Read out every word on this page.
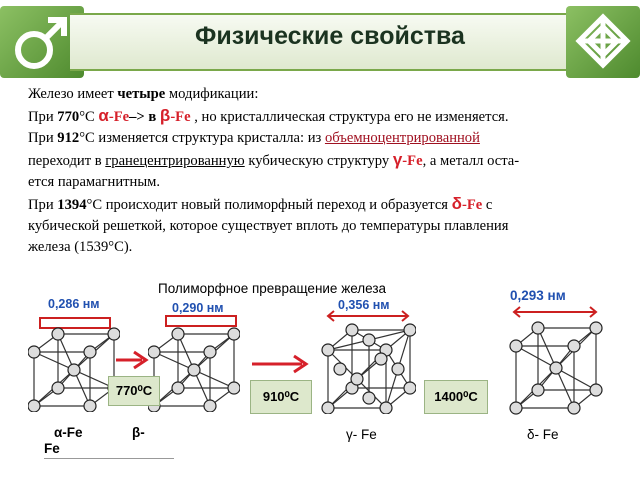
Физические свойства

Железо имеет четыре модификации:

При 770°С α-Fe–> в β-Fe , но кристаллическая структура его не изменяется.

При 912°С изменяется структура кристалла: из объемноцентрированной

переходит в гранецентрированную кубическую структуру γ-Fe, а металл оста-

ется парамагнитным.

При 1394°С происходит новый полиморфный переход и образуется δ-Fe с

кубической решеткой, которое существует вплоть до температуры плавления

железа (1539°С).

Полиморфное превращение железа
0,286 нм	0,290 нм	0,356 нм
0,293 нм
770⁰С	910⁰С	1400⁰С
α-Fe	β-
Fe
γ- Fe	δ- Fe
